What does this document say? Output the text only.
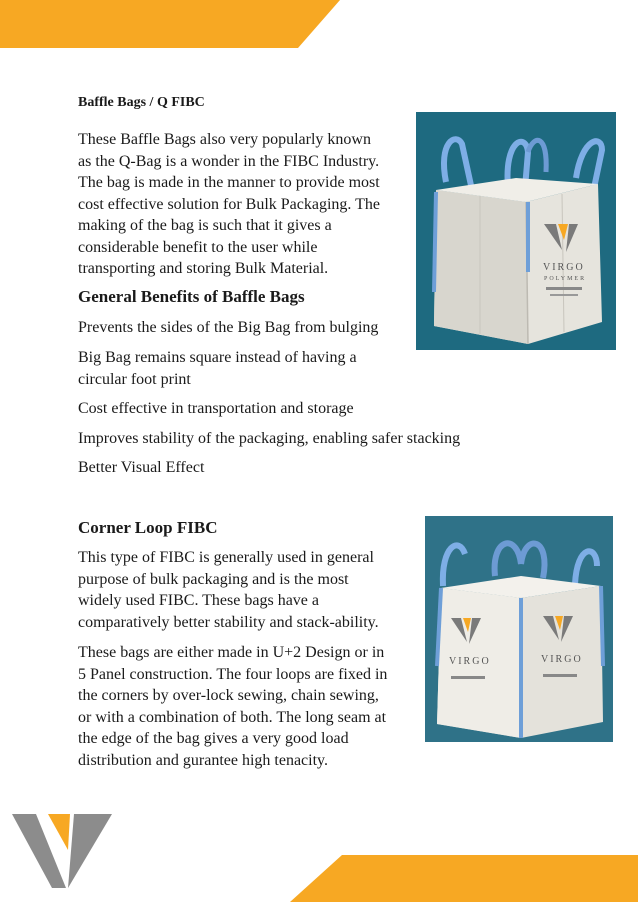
Baffle Bags / Q FIBC
These Baffle Bags also very popularly known
as the Q-Bag is a wonder in the FIBC Industry.
The bag is made in the manner to provide most
cost effective solution for Bulk Packaging. The
making of the bag is such that it gives a
considerable benefit to the user while
transporting and storing Bulk Material.
General Benefits of Baffle Bags
Prevents the sides of the Big Bag from bulging
Big Bag remains square instead of having a
circular foot print
Cost effective in transportation and storage
Improves stability of the packaging, enabling safer stacking
Better Visual Effect
VIRGO
POLYMER
Corner Loop FIBC
This type of FIBC is generally used in general
purpose of bulk packaging and is the most
widely used FIBC. These bags have a
comparatively better stability and stack-ability.
These bags are either made in U+2 Design or in
5 Panel construction. The four loops are fixed in
the corners by over-lock sewing, chain sewing,
or with a combination of both. The long seam at
the edge of the bag gives a very good load
distribution and gurantee high tenacity.
VIRGO	VIRGO
